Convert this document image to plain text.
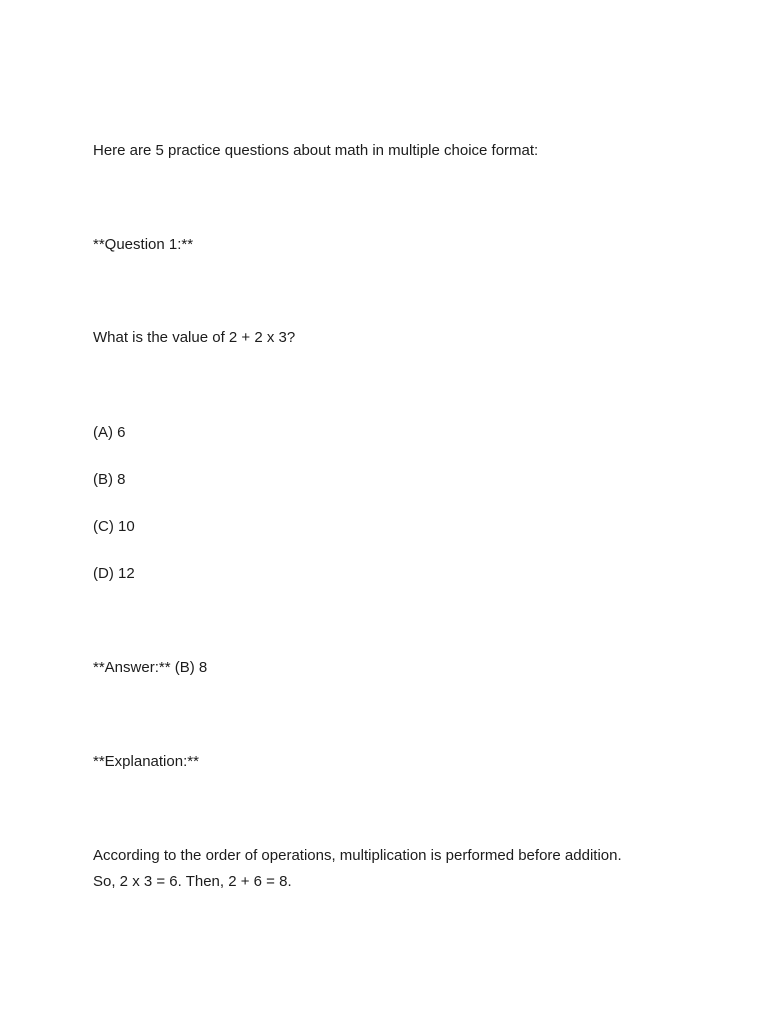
Here are 5 practice questions about math in multiple choice format:
**Question 1:**
What is the value of 2 + 2 x 3?
(A) 6
(B) 8
(C) 10
(D) 12
**Answer:** (B) 8
**Explanation:**
According to the order of operations, multiplication is performed before addition.
So, 2 x 3 = 6. Then, 2 + 6 = 8.
